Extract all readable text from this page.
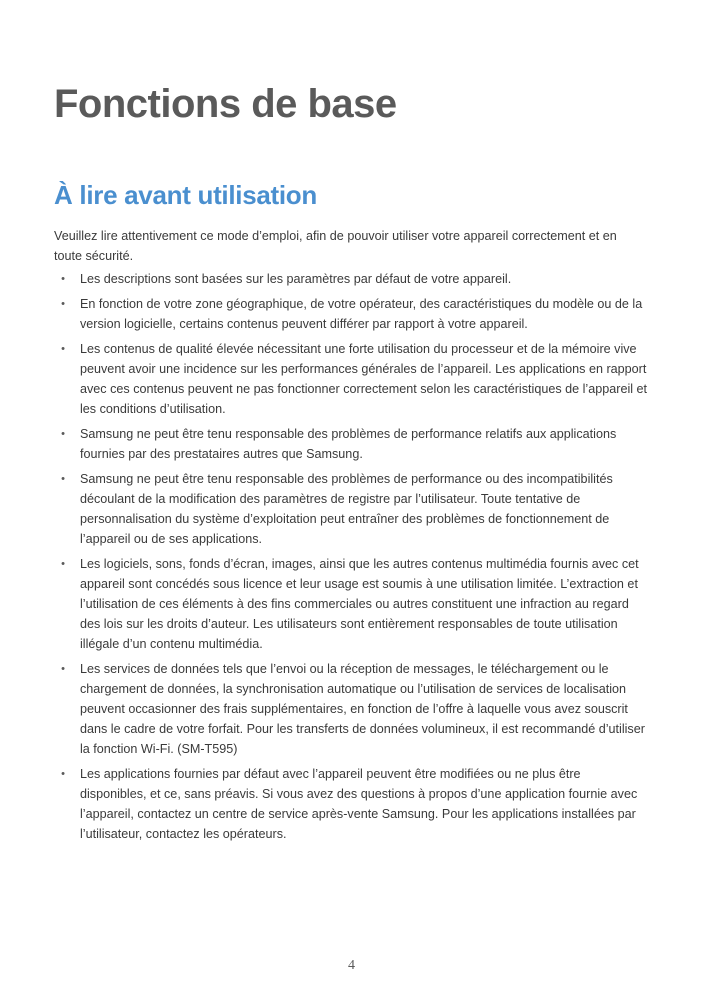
Fonctions de base
À lire avant utilisation

Veuillez lire attentivement ce mode d’emploi, afin de pouvoir utiliser votre appareil correctement et en toute sécurité.

• Les descriptions sont basées sur les paramètres par défaut de votre appareil.
• En fonction de votre zone géographique, de votre opérateur, des caractéristiques du modèle ou de la version logicielle, certains contenus peuvent différer par rapport à votre appareil.
• Les contenus de qualité élevée nécessitant une forte utilisation du processeur et de la mémoire vive peuvent avoir une incidence sur les performances générales de l’appareil. Les applications en rapport avec ces contenus peuvent ne pas fonctionner correctement selon les caractéristiques de l’appareil et les conditions d’utilisation.
• Samsung ne peut être tenu responsable des problèmes de performance relatifs aux applications fournies par des prestataires autres que Samsung.
• Samsung ne peut être tenu responsable des problèmes de performance ou des incompatibilités découlant de la modification des paramètres de registre par l’utilisateur. Toute tentative de personnalisation du système d’exploitation peut entraîner des problèmes de fonctionnement de l’appareil ou de ses applications.
• Les logiciels, sons, fonds d’écran, images, ainsi que les autres contenus multimédia fournis avec cet appareil sont concédés sous licence et leur usage est soumis à une utilisation limitée. L’extraction et l’utilisation de ces éléments à des fins commerciales ou autres constituent une infraction au regard des lois sur les droits d’auteur. Les utilisateurs sont entièrement responsables de toute utilisation illégale d’un contenu multimédia.
• Les services de données tels que l’envoi ou la réception de messages, le téléchargement ou le chargement de données, la synchronisation automatique ou l’utilisation de services de localisation peuvent occasionner des frais supplémentaires, en fonction de l’offre à laquelle vous avez souscrit dans le cadre de votre forfait. Pour les transferts de données volumineux, il est recommandé d’utiliser la fonction Wi-Fi. (SM-T595)
• Les applications fournies par défaut avec l’appareil peuvent être modifiées ou ne plus être disponibles, et ce, sans préavis. Si vous avez des questions à propos d’une application fournie avec l’appareil, contactez un centre de service après-vente Samsung. Pour les applications installées par l’utilisateur, contactez les opérateurs.
4
